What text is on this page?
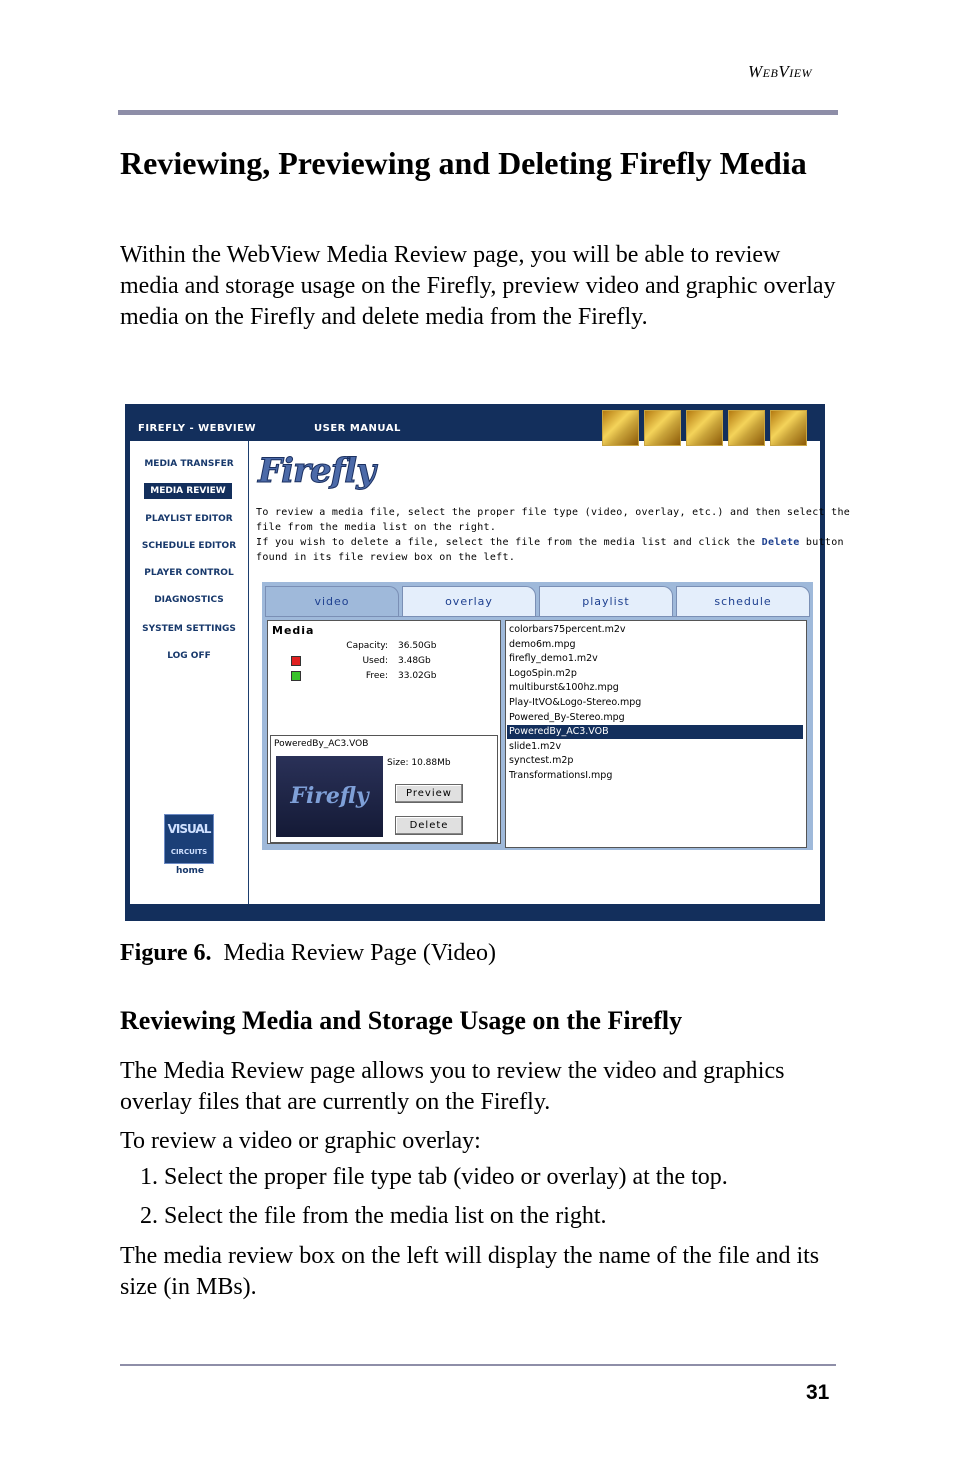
WEBVIEW
Reviewing, Previewing and Deleting Firefly Media

Within the WebView Media Review page, you will be able to review media and storage usage on the Firefly, preview video and graphic overlay media on the Firefly and delete media from the Firefly.

FIREFLY - WEBVIEW	USER MANUAL
MEDIA TRANSFER
MEDIA REVIEW
PLAYLIST EDITOR
SCHEDULE EDITOR
PLAYER CONTROL
DIAGNOSTICS
SYSTEM SETTINGS
LOG OFF
VISUAL
CIRCUITS
home
Firefly
To review a media file, select the proper file type (video, overlay, etc.) and then select the
file from the media list on the right.
If you wish to delete a file, select the file from the media list and click the Delete button
found in its file review box on the left.
video	overlay	playlist	schedule
Media
Capacity: 36.50Gb
Used: 3.48Gb
Free: 33.02Gb
PoweredBy_AC3.VOB
Firefly
Size: 10.88Mb
Preview
Delete
colorbars75percent.m2v
demo6m.mpg
firefly_demo1.m2v
LogoSpin.m2p
multiburst&100hz.mpg
Play-ItVO&Logo-Stereo.mpg
Powered_By-Stereo.mpg
PoweredBy_AC3.VOB
slide1.m2v
synctest.m2p
TransformationsI.mpg
Figure 6. Media Review Page (Video)
Reviewing Media and Storage Usage on the Firefly

The Media Review page allows you to review the video and graphics overlay files that are currently on the Firefly.

To review a video or graphic overlay:

1. Select the proper file type tab (video or overlay) at the top.
2. Select the file from the media list on the right.

The media review box on the left will display the name of the file and its size (in MBs).

31
